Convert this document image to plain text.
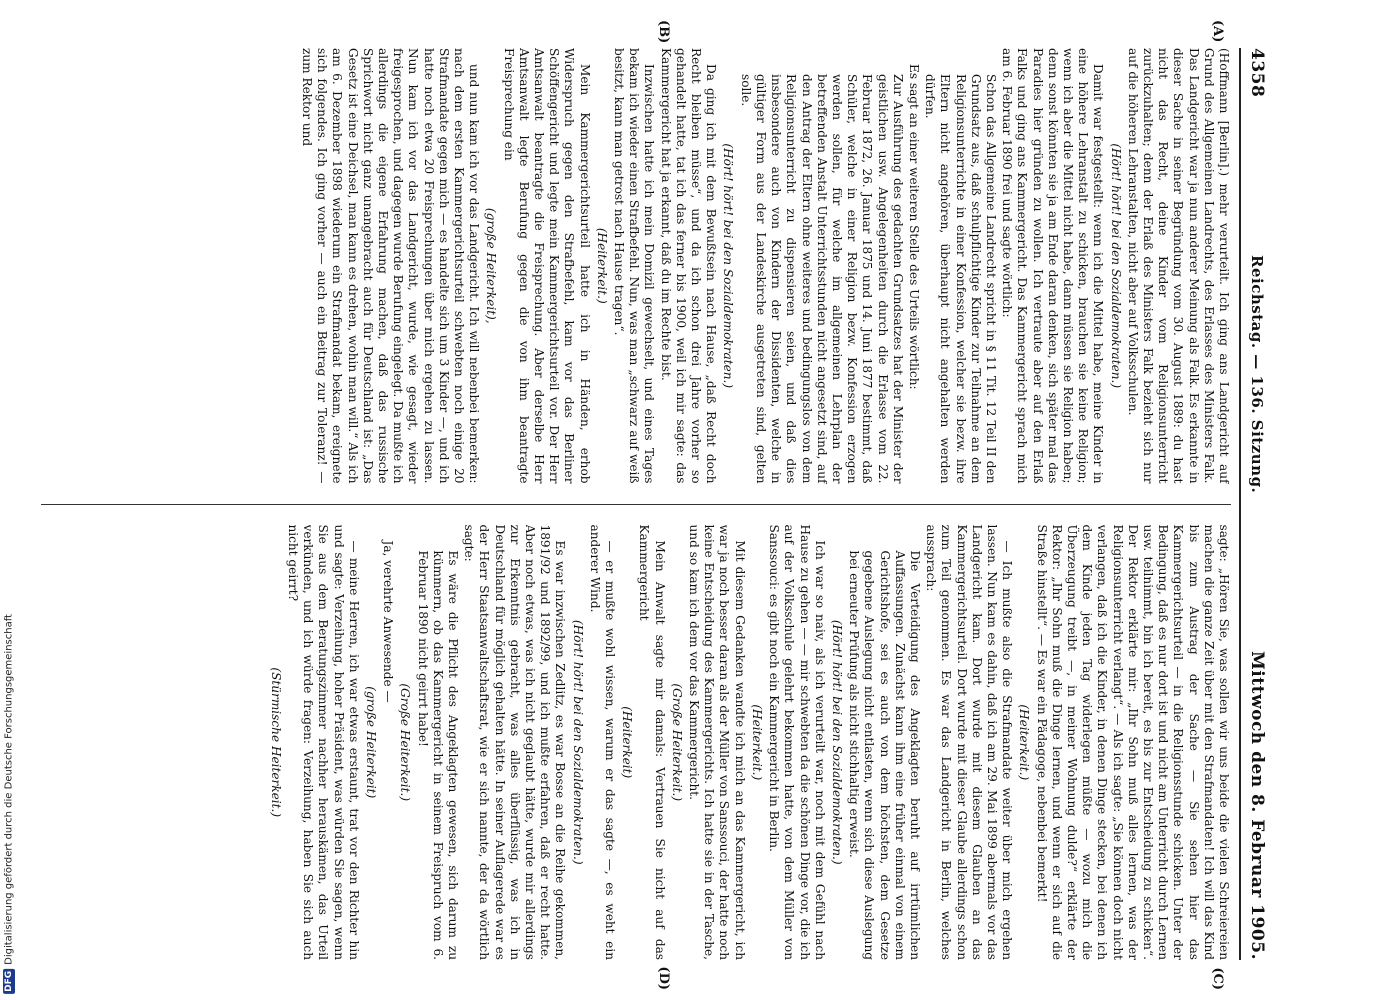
4358
Reichstag. — 136. Sitzung.
Mittwoch den 8. Februar 1905.
(A)
(B)
(C)
(D)

(Hoffmann [Berlin].) mehr verurteilt. Ich ging ans Landgericht auf Grund des Allgemeinen Landrechts, des Erlasses des Ministers Falk. Das Landgericht war ja nun anderer Meinung als Falk. Es erkannte in dieser Sache in seiner Begründung vom 30. August 1889: du hast nicht das Recht, deine Kinder vom Religionsunterricht zurückzuhalten; denn der Erlaß des Ministers Falk bezieht sich nur auf die höheren Lehranstalten, nicht aber auf Volksschulen.

(Hört! hört! bei den Sozialdemokraten.)

Damit war festgestellt: wenn ich die Mittel habe, meine Kinder in eine höhere Lehranstalt zu schicken, brauchen sie keine Religion; wenn ich aber die Mittel nicht habe, dann müssen sie Religion haben; denn sonst könnten sie ja am Ende daran denken, sich später mal das Paradies hier gründen zu wollen. Ich vertraute aber auf den Erlaß Falks und ging ans Kammergericht. Das Kammergericht sprach mich am 6. Februar 1890 frei und sagte wörtlich:

Schon das Allgemeine Landrecht spricht in § 11 Tit. 12 Teil II den Grundsatz aus, daß schulpflichtige Kinder zur Teilnahme an dem Religionsunterrichte in einer Konfession, welcher sie bezw. ihre Eltern nicht angehören, überhaupt nicht angehalten werden dürfen.

Es sagt an einer weiteren Stelle des Urteils wörtlich:

Zur Ausführung des gedachten Grundsatzes hat der Minister der geistlichen usw. Angelegenheiten durch die Erlasse vom 22. Februar 1872, 26. Januar 1875 und 14. Juni 1877 bestimmt, daß Schüler, welche in einer Religion bezw. Konfession erzogen werden sollen, für welche im allgemeinen Lehrplan der betreffenden Anstalt Unterrichtsstunden nicht angesetzt sind, auf den Antrag der Eltern ohne weiteres und bedingungslos von dem Religionsunterricht zu dispensieren seien, und daß dies insbesondere auch von Kindern der Dissidenten, welche in gültiger Form aus der Landeskirche ausgetreten sind, gelten solle.

(Hört! hört! bei den Sozialdemokraten.)

Da ging ich mit dem Bewußtsein nach Hause, „daß Recht doch Recht bleiben müsse“, und da ich schon drei Jahre vorher so gehandelt hatte, tat ich das ferner bis 1900, weil ich mir sagte: das Kammergericht hat ja erkannt, daß du im Rechte bist.

Inzwischen hatte ich mein Domizil gewechselt, und eines Tages bekam ich wieder einen Strafbefehl. Nun, was man „schwarz auf weiß besitzt, kann man getrost nach Hause tragen“.

(Heiterkeit.)

Mein Kammergerichtsurteil hatte ich in Händen, erhob Widerspruch gegen den Strafbefehl, kam vor das Berliner Schöffengericht und legte mein Kammergerichtsurteil vor. Der Herr Amtsanwalt beantragte die Freisprechung. Aber derselbe Herr Amtsanwalt legte Berufung gegen die von ihm beantragte Freisprechung ein

(große Heiterkeit),

und nun kam ich vor das Landgericht. Ich will nebenbei bemerken: nach dem ersten Kammergerichtsurteil schwebten noch einige 20 Strafmandate gegen mich — es handelte sich um 3 Kinder —, und ich hatte noch etwa 20 Freisprechungen über mich ergehen zu lassen. Nun kam ich vor das Landgericht, wurde, wie gesagt, wieder freigesprochen, und dagegen wurde Berufung eingelegt. Da mußte ich allerdings die eigene Erfahrung machen, daß das russische Sprichwort nicht ganz unangebracht auch für Deutschland ist: „Das Gesetz ist eine Deichsel, man kann es drehen, wohin man will.“ Als ich am 6. Dezember 1898 wiederum ein Strafmandat bekam, ereignete sich folgendes. Ich ging vorher — auch ein Beitrag zur Toleranz! — zum Rektor und

sagte: „Hören Sie, was sollen wir uns beide die vielen Schreiereien machen die ganze Zeit über mit den Strafmandaten! Ich will das Kind bis zum Austrag der Sache — Sie sehen hier das Kammergerichtsurteil — in die Religionsstunde schicken. Unter der Bedingung, daß es nur dort ist und nicht am Unterricht durch Lernen usw. teilnimmt, bin ich bereit, es bis zur Entscheidung zu schicken“. Der Rektor erklärte mir: „Ihr Sohn muß alles lernen, was der Religionsunterricht verlangt“. — Als ich sagte: „Sie können doch nicht verlangen, daß ich die Kinder, in denen Dinge stecken, bei denen ich dem Kinde jeden Tag widerlegen müßte — wozu mich die Überzeugung treibt —, in meiner Wohnung dulde?“ erklärte der Rektor: „Ihr Sohn muß die Dinge lernen, und wenn er sich auf die Straße hinstellt“. — Es war ein Pädagoge, nebenbei bemerkt!

(Heiterkeit.)

— Ich mußte also die Strafmandate weiter über mich ergehen lassen. Nun kam es dahin, daß ich am 29. Mai 1899 abermals vor das Landgericht kam. Dort wurde mit diesem Glauben an das Kammergerichtsurteil. Dort wurde mit dieser Glaube allerdings schon zum Teil genommen. Es war das Landgericht in Berlin, welches aussprach:

Die Verteidigung des Angeklagten beruht auf irrtümlichen Auffassungen. Zunächst kann ihm eine früher einmal von einem Gerichtshofe, sei es auch von dem höchsten, dem Gesetze gegebene Auslegung nicht entlasten, wenn sich diese Auslegung bei erneuter Prüfung als nicht stichhaltig erweist.

(Hört! hört! bei den Sozialdemokraten.)

Ich war so naiv, als ich verurteilt war, noch mit dem Gefühl nach Hause zu gehen — — mir schwebten da die schönen Dinge vor, die ich auf der Volksschule gelehrt bekommen hatte, von dem Müller von Sanssouci: es gibt noch ein Kammergericht in Berlin.

(Heiterkeit.)

Mit diesem Gedanken wandte ich mich an das Kammergericht, ich war ja noch besser daran als der Müller von Sanssouci, der hatte noch keine Entscheidung des Kammergerichts. Ich hatte sie in der Tasche, und so kam ich dem vor das Kammergericht.

(Große Heiterkeit.)

Mein Anwalt sagte mir damals: Vertrauen Sie nicht auf das Kammergericht

(Heiterkeit)

— er mußte wohl wissen, warum er das sagte —, es weht ein anderer Wind.

(Hört! hört! bei den Sozialdemokraten.)

Es war inzwischen Zedlitz, es war Bosse an die Reihe gekommen, 1891/92 und 1892/99, und ich mußte erfahren, daß er recht hatte. Aber noch etwas, was ich nicht geglaubt hätte, wurde mir allerdings zur Erkenntnis gebracht, was alles überflüssig, was ich in Deutschland für möglich gehalten hätte. In seiner Auflagerede war es der Herr Staatsanwaltschaftsrat, wie er sich nannte, der da wörtlich sagte:

Es wäre die Pflicht des Angeklagten gewesen, sich darum zu kümmern, ob das Kammergericht in seinem Freispruch vom 6. Februar 1890 nicht geirrt habe!

(Große Heiterkeit.)

Ja, verehrte Anwesende —

(große Heiterkeit)

— meine Herren, ich war etwas erstaunt, trat vor den Richter hin und sagte: Verzeihung, hoher Präsident, was würden Sie sagen, wenn Sie aus dem Beratungszimmer nachher herauskämen, das Urteil verkünden, und ich würde fragen: Verzeihung, haben Sie sich auch nicht geirrt?

(Stürmische Heiterkeit.)

DFG
Digitalisierung gefördert durch die Deutsche Forschungsgemeinschaft
